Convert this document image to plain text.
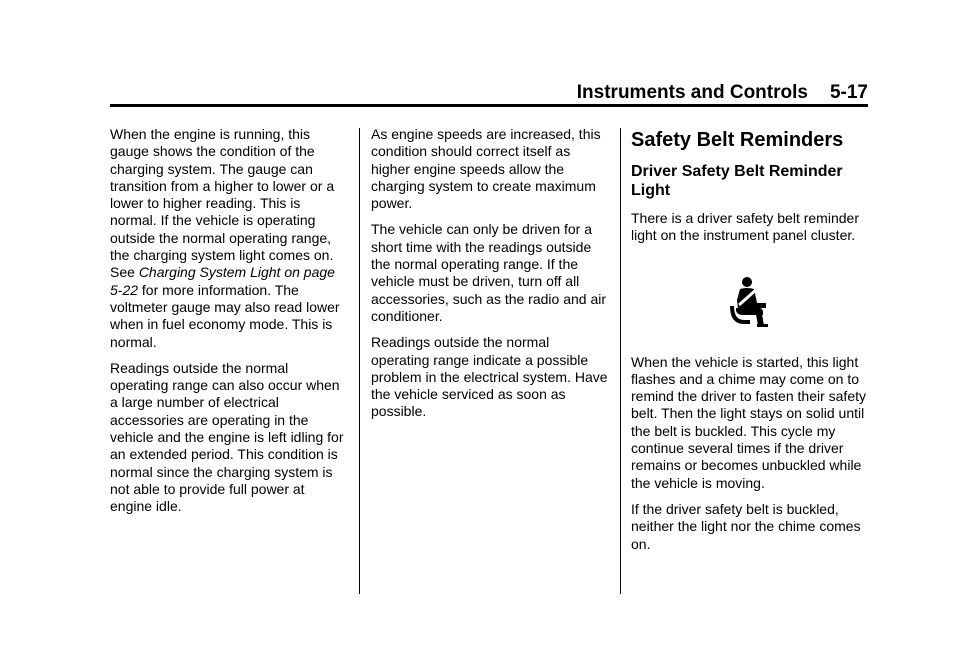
Instruments and Controls 5-17

When the engine is running, this gauge shows the condition of the charging system. The gauge can transition from a higher to lower or a lower to higher reading. This is normal. If the vehicle is operating outside the normal operating range, the charging system light comes on. See Charging System Light on page 5-22 for more information. The voltmeter gauge may also read lower when in fuel economy mode. This is normal.

Readings outside the normal operating range can also occur when a large number of electrical accessories are operating in the vehicle and the engine is left idling for an extended period. This condition is normal since the charging system is not able to provide full power at engine idle.

As engine speeds are increased, this condition should correct itself as higher engine speeds allow the charging system to create maximum power.

The vehicle can only be driven for a short time with the readings outside the normal operating range. If the vehicle must be driven, turn off all accessories, such as the radio and air conditioner.

Readings outside the normal operating range indicate a possible problem in the electrical system. Have the vehicle serviced as soon as possible.

Safety Belt Reminders
Driver Safety Belt Reminder Light

There is a driver safety belt reminder light on the instrument panel cluster.

When the vehicle is started, this light flashes and a chime may come on to remind the driver to fasten their safety belt. Then the light stays on solid until the belt is buckled. This cycle my continue several times if the driver remains or becomes unbuckled while the vehicle is moving.

If the driver safety belt is buckled, neither the light nor the chime comes on.
